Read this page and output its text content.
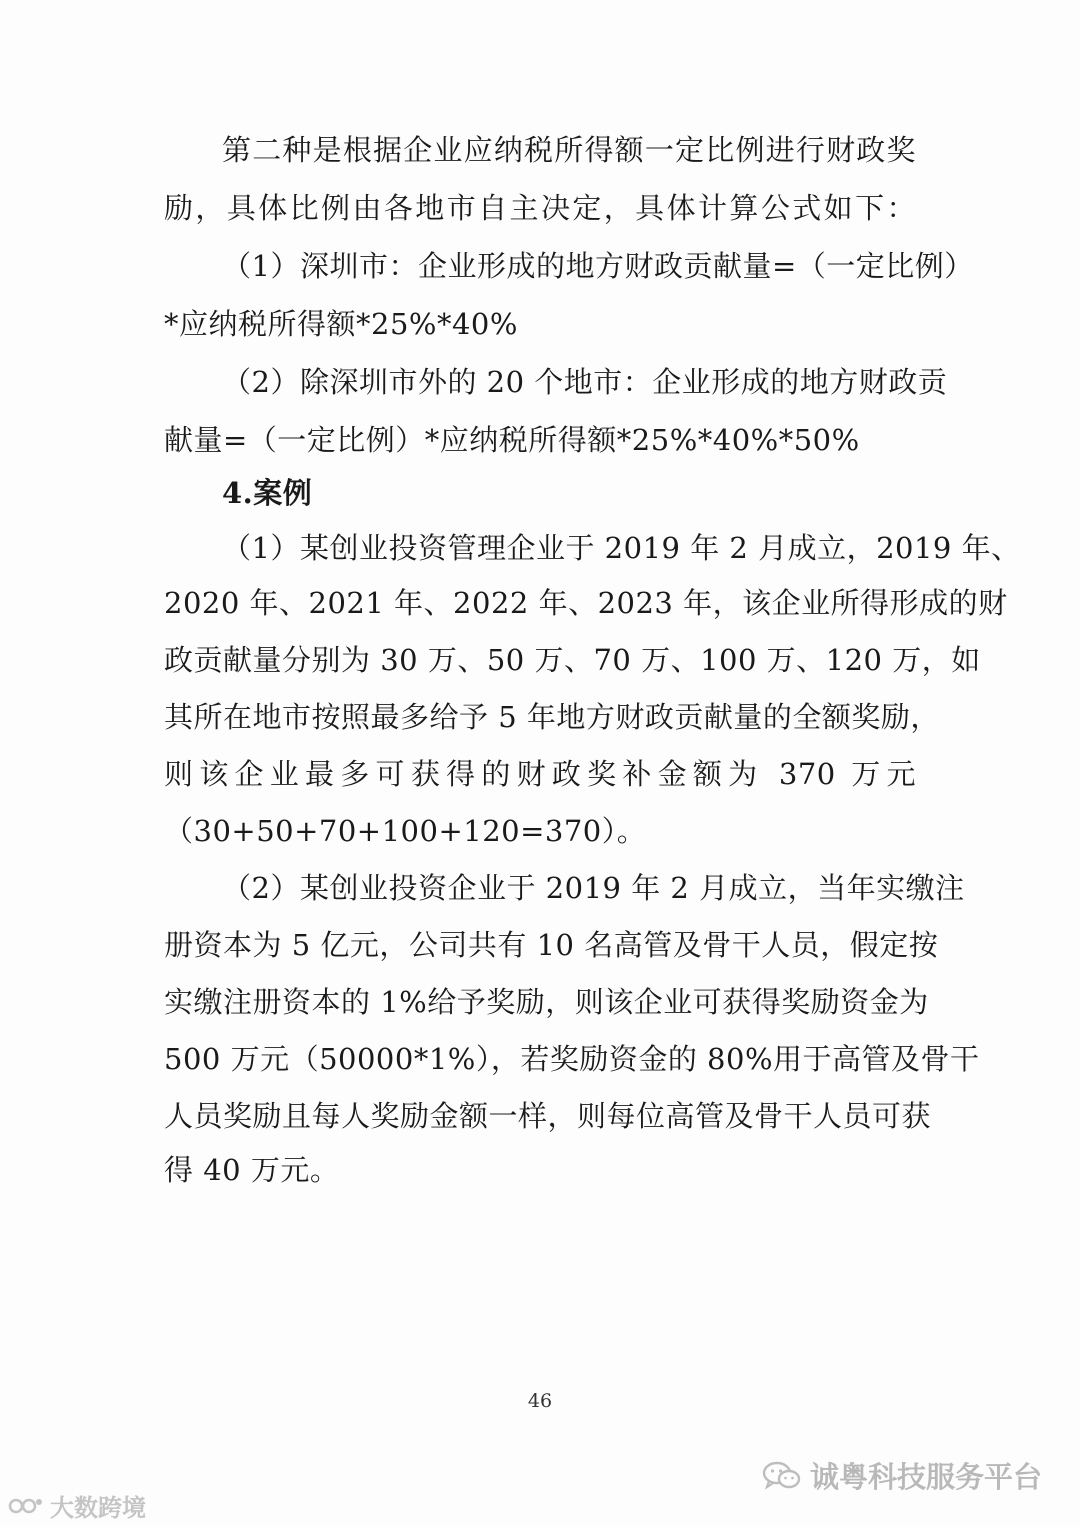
第二种是根据企业应纳税所得额一定比例进行财政奖
励，具体比例由各地市自主决定，具体计算公式如下：
（1）深圳市：企业形成的地方财政贡献量=（一定比例）
*应纳税所得额*25%*40%
（2）除深圳市外的 20 个地市：企业形成的地方财政贡
献量=（一定比例）*应纳税所得额*25%*40%*50%
4.案例
（1）某创业投资管理企业于 2019 年 2 月成立，2019 年、
2020 年、2021 年、2022 年、2023 年，该企业所得形成的财
政贡献量分别为 30 万、50 万、70 万、100 万、120 万，如
其所在地市按照最多给予 5 年地方财政贡献量的全额奖励，
则该企业最多可获得的财政奖补金额为 370 万元
（30+50+70+100+120=370）。
（2）某创业投资企业于 2019 年 2 月成立，当年实缴注
册资本为 5 亿元，公司共有 10 名高管及骨干人员，假定按
实缴注册资本的 1%给予奖励，则该企业可获得奖励资金为
500 万元（50000*1%），若奖励资金的 80%用于高管及骨干
人员奖励且每人奖励金额一样，则每位高管及骨干人员可获
得 40 万元。
46
诚粤科技服务平台
大数跨境
